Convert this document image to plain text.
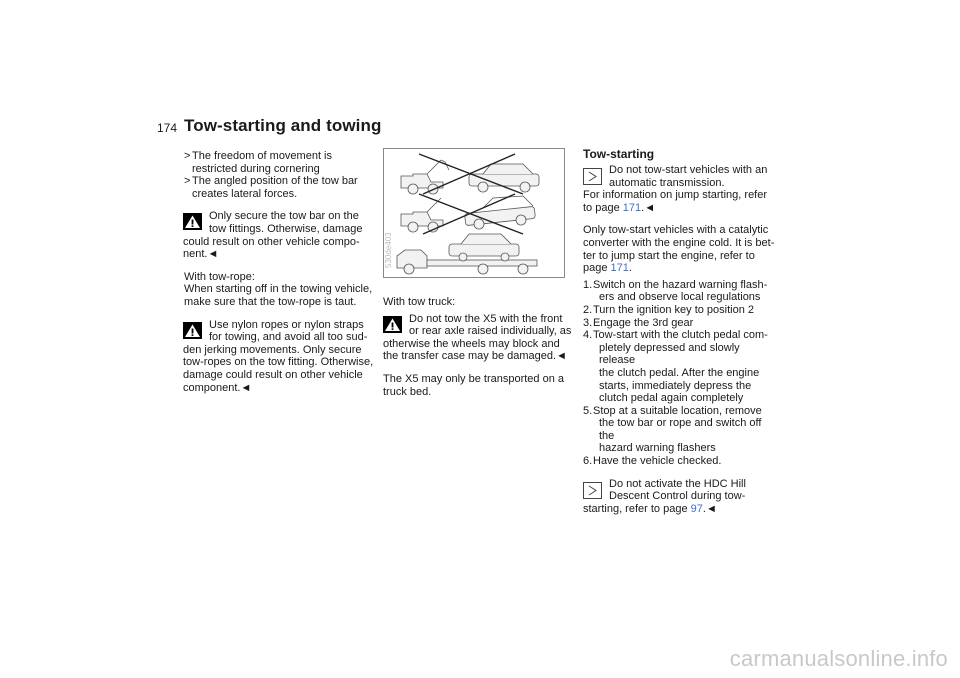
174 Tow-starting and towing
> The freedom of movement is

restricted during cornering

> The angled position of the tow bar

creates lateral forces.

Only secure the tow bar on the

tow fittings. Otherwise, damage

could result on other vehicle compo-

nent.◄

With tow-rope:

When starting off in the towing vehicle,

make sure that the tow-rope is taut.

Use nylon ropes or nylon straps

for towing, and avoid all too sud-

den jerking movements. Only secure

tow-ropes on the tow fitting. Otherwise,

damage could result on other vehicle

component.◄

530de403

With tow truck:

Do not tow the X5 with the front

or rear axle raised individually, as

otherwise the wheels may block and

the transfer case may be damaged.◄

The X5 may only be transported on a

truck bed.

Tow-starting

Do not tow-start vehicles with an

automatic transmission.

For information on jump starting, refer

to page 171.◄

Only tow-start vehicles with a catalytic

converter with the engine cold. It is bet-

ter to jump start the engine, refer to

page 171.

1. Switch on the hazard warning flash-

ers and observe local regulations

2. Turn the ignition key to position 2

3. Engage the 3rd gear

4. Tow-start with the clutch pedal com-

pletely depressed and slowly release

the clutch pedal. After the engine

starts, immediately depress the

clutch pedal again completely

5. Stop at a suitable location, remove

the tow bar or rope and switch off the

hazard warning flashers

6. Have the vehicle checked.

Do not activate the HDC Hill

Descent Control during tow-

starting, refer to page 97.◄

carmanualsonline.info
